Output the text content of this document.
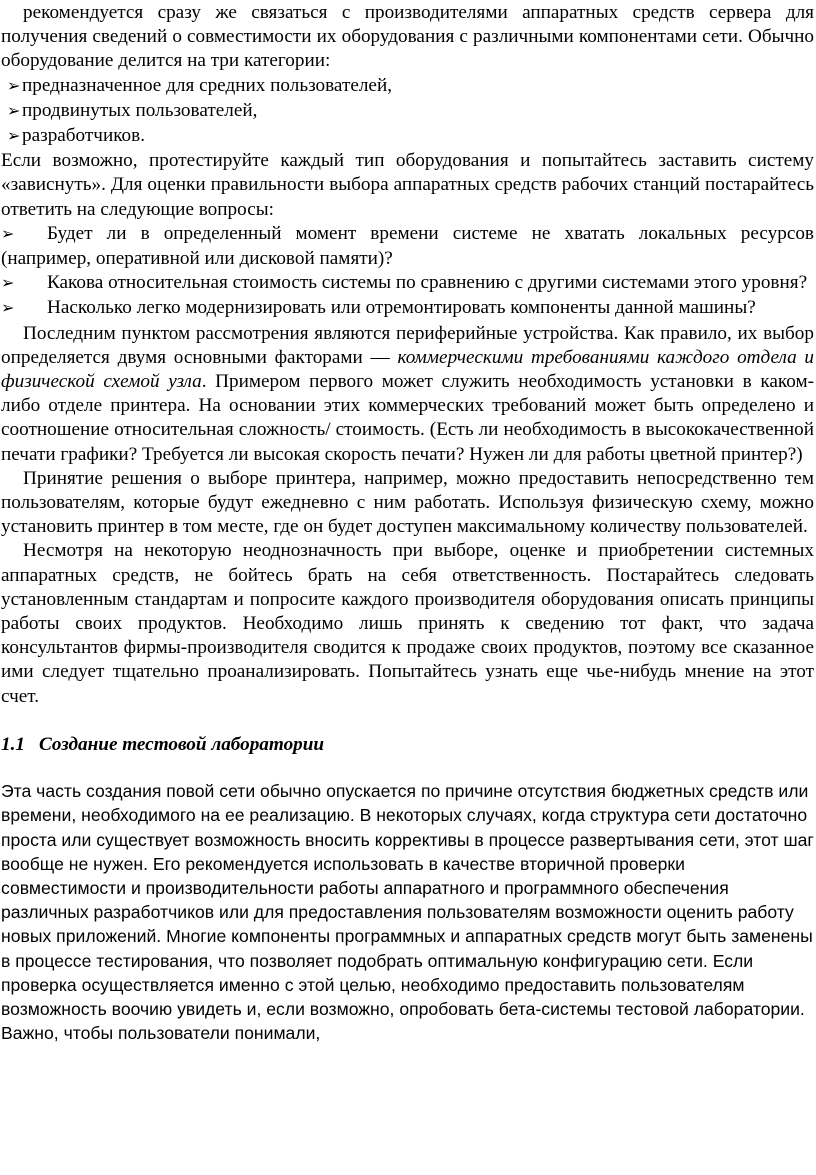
рекомендуется сразу же связаться с производителями аппаратных средств сервера для получения сведений о совместимости их оборудования с различными компонентами сети. Обычно оборудование делится на три категории:

➢предназначенное для средних пользователей,
➢продвинутых пользователей,
➢разработчиков.

Если возможно, протестируйте каждый тип оборудования и попытайтесь заставить систему «зависнуть». Для оценки правильности выбора аппаратных средств рабочих станций постарайтесь ответить на следующие вопросы:

➢ Будет ли в определенный момент времени системе не хватать локальных ресурсов (например, оперативной или дисковой памяти)?
➢ Какова относительная стоимость системы по сравнению с другими системами этого уровня?
➢ Насколько легко модернизировать или отремонтировать компоненты данной машины?

Последним пунктом рассмотрения являются периферийные устройства. Как правило, их выбор определяется двумя основными факторами — коммерческими требованиями каждого отдела и физической схемой узла. Примером первого может служить необходимость установки в каком-либо отделе принтера. На основании этих коммерческих требований может быть определено и соотношение относительная сложность/ стоимость. (Есть ли необходимость в высококачественной печати графики? Требуется ли высокая скорость печати? Нужен ли для работы цветной принтер?)

Принятие решения о выборе принтера, например, можно предоставить непосредственно тем пользователям, которые будут ежедневно с ним работать. Используя физическую схему, можно установить принтер в том месте, где он будет доступен максимальному количеству пользователей.

Несмотря на некоторую неоднозначность при выборе, оценке и приобретении системных аппаратных средств, не бойтесь брать на себя ответственность. Постарайтесь следовать установленным стандартам и попросите каждого производителя оборудования описать принципы работы своих продуктов. Необходимо лишь принять к сведению тот факт, что задача консультантов фирмы-производителя сводится к продаже своих продуктов, поэтому все сказанное ими следует тщательно проанализировать. Попытайтесь узнать еще чье-нибудь мнение на этот счет.

1.1 Создание тестовой лаборатории

Эта часть создания повой сети обычно опускается по причине отсутствия бюджетных средств или времени, необходимого на ее реализацию. В некоторых случаях, когда структура сети достаточно проста или существует возможность вносить коррективы в процессе развертывания сети, этот шаг вообще не нужен. Его рекомендуется использовать в качестве вторичной проверки совместимости и производительности работы аппаратного и программного обеспечения различных разработчиков или для предоставления пользователям возможности оценить работу новых приложений. Многие компоненты программных и аппаратных средств могут быть заменены в процессе тестирования, что позволяет подобрать оптимальную конфигурацию сети. Если проверка осуществляется именно с этой целью, необходимо предоставить пользователям возможность воочию увидеть и, если возможно, опробовать бета-системы тестовой лаборатории. Важно, чтобы пользователи понимали,
